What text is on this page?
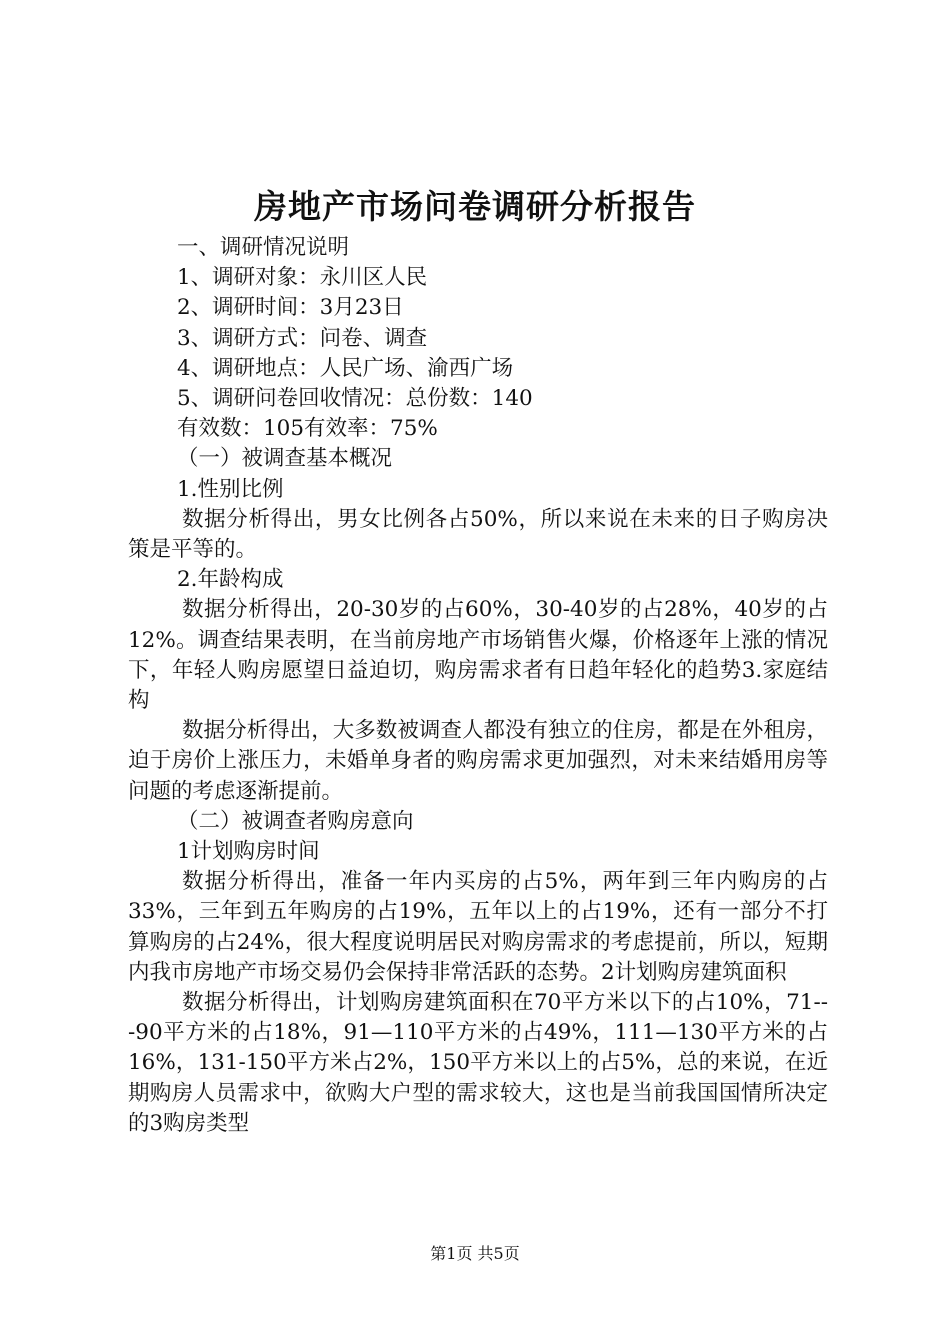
房地产市场问卷调研分析报告
一、调研情况说明
1、调研对象：永川区人民
2、调研时间：3月23日
3、调研方式：问卷、调查
4、调研地点：人民广场、渝西广场
5、调研问卷回收情况：总份数：140
有效数：105有效率：75%
（一）被调查基本概况
1.性别比例
数据分析得出，男女比例各占50%，所以来说在未来的日子购房决策是平等的。
2.年龄构成
数据分析得出，20-30岁的占60%，30-40岁的占28%，40岁的占12%。调查结果表明，在当前房地产市场销售火爆，价格逐年上涨的情况下，年轻人购房愿望日益迫切，购房需求者有日趋年轻化的趋势3.家庭结构
数据分析得出，大多数被调查人都没有独立的住房，都是在外租房，迫于房价上涨压力，未婚单身者的购房需求更加强烈，对未来结婚用房等问题的考虑逐渐提前。
（二）被调查者购房意向
1计划购房时间
数据分析得出，准备一年内买房的占5%，两年到三年内购房的占33%，三年到五年购房的占19%，五年以上的占19%，还有一部分不打算购房的占24%，很大程度说明居民对购房需求的考虑提前，所以，短期内我市房地产市场交易仍会保持非常活跃的态势。2计划购房建筑面积
数据分析得出，计划购房建筑面积在70平方米以下的占10%，71---90平方米的占18%，91—110平方米的占49%，111—130平方米的占16%，131-150平方米占2%，150平方米以上的占5%，总的来说，在近期购房人员需求中，欲购大户型的需求较大，这也是当前我国国情所决定的3购房类型
第1页 共5页
